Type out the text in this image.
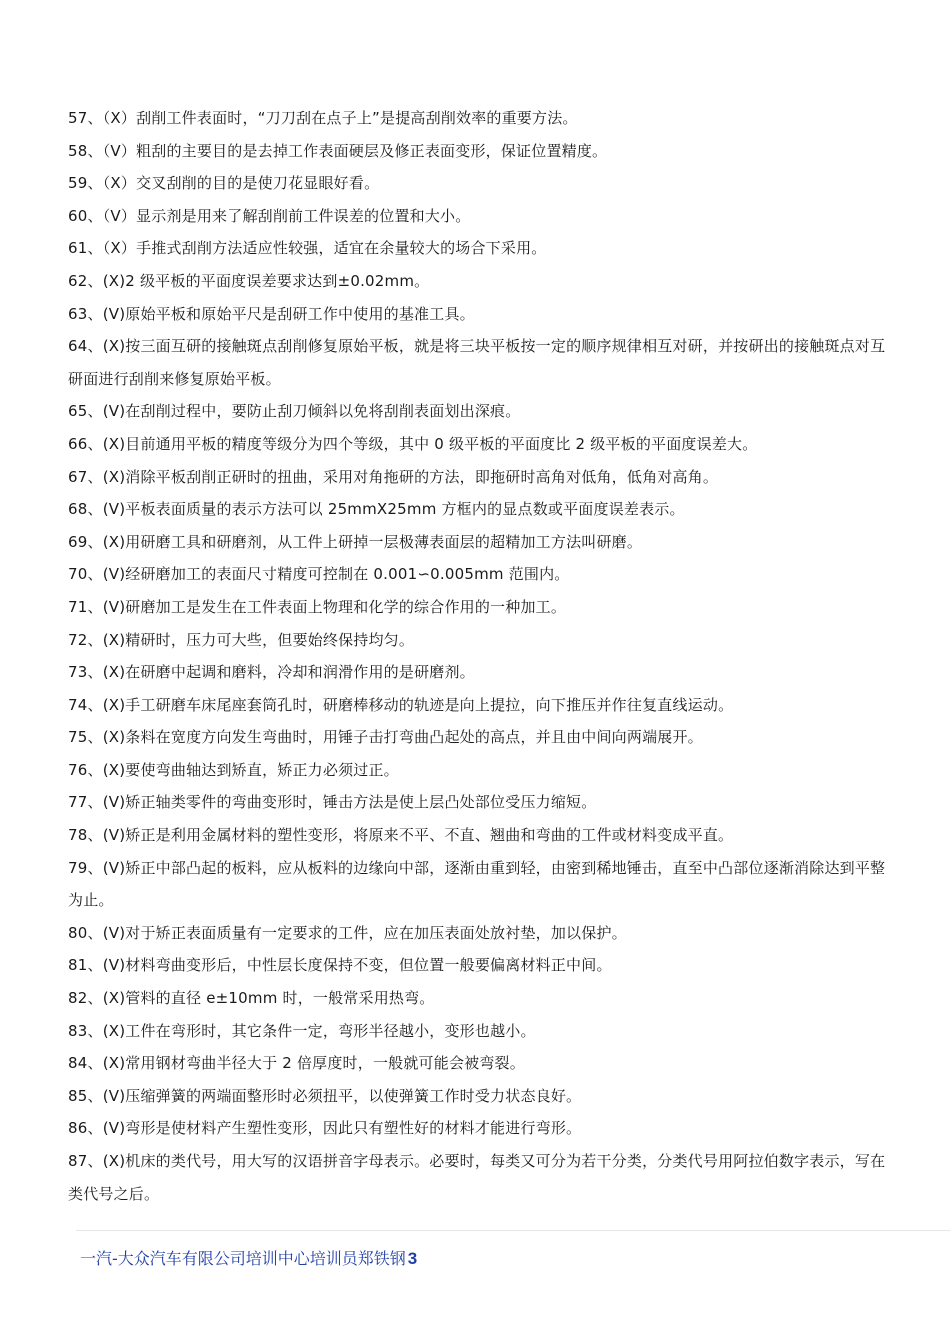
57、（X）刮削工件表面时，“刀刀刮在点子上”是提高刮削效率的重要方法。
58、（V）粗刮的主要目的是去掉工作表面硬层及修正表面变形，保证位置精度。
59、（X）交叉刮削的目的是使刀花显眼好看。
60、（V）显示剂是用来了解刮削前工件误差的位置和大小。
61、（X）手推式刮削方法适应性较强，适宜在余量较大的场合下采用。
62、(X)2 级平板的平面度误差要求达到±0.02mm。
63、(V)原始平板和原始平尺是刮研工作中使用的基准工具。
64、(X)按三面互研的接触斑点刮削修复原始平板，就是将三块平板按一定的顺序规律相互对研，并按研出的接触斑点对互研面进行刮削来修复原始平板。
65、(V)在刮削过程中，要防止刮刀倾斜以免将刮削表面划出深痕。
66、(X)目前通用平板的精度等级分为四个等级，其中 0 级平板的平面度比 2 级平板的平面度误差大。
67、(X)消除平板刮削正研时的扭曲，采用对角拖研的方法，即拖研时高角对低角，低角对高角。
68、(V)平板表面质量的表示方法可以 25mmX25mm 方框内的显点数或平面度误差表示。
69、(X)用研磨工具和研磨剂，从工件上研掉一层极薄表面层的超精加工方法叫研磨。
70、(V)经研磨加工的表面尺寸精度可控制在 0.001∽0.005mm 范围内。
71、(V)研磨加工是发生在工件表面上物理和化学的综合作用的一种加工。
72、(X)精研时，压力可大些，但要始终保持均匀。
73、(X)在研磨中起调和磨料，冷却和润滑作用的是研磨剂。
74、(X)手工研磨车床尾座套筒孔时，研磨棒移动的轨迹是向上提拉，向下推压并作往复直线运动。
75、(X)条料在宽度方向发生弯曲时，用锤子击打弯曲凸起处的高点，并且由中间向两端展开。
76、(X)要使弯曲轴达到矫直，矫正力必须过正。
77、(V)矫正轴类零件的弯曲变形时，锤击方法是使上层凸处部位受压力缩短。
78、(V)矫正是利用金属材料的塑性变形，将原来不平、不直、翘曲和弯曲的工件或材料变成平直。
79、(V)矫正中部凸起的板料，应从板料的边缘向中部，逐渐由重到轻，由密到稀地锤击，直至中凸部位逐渐消除达到平整为止。
80、(V)对于矫正表面质量有一定要求的工件，应在加压表面处放衬垫，加以保护。
81、(V)材料弯曲变形后，中性层长度保持不变，但位置一般要偏离材料正中间。
82、(X)管料的直径 e±10mm 时，一般常采用热弯。
83、(X)工件在弯形时，其它条件一定，弯形半径越小，变形也越小。
84、(X)常用钢材弯曲半径大于 2 倍厚度时，一般就可能会被弯裂。
85、(V)压缩弹簧的两端面整形时必须扭平，以使弹簧工作时受力状态良好。
86、(V)弯形是使材料产生塑性变形，因此只有塑性好的材料才能进行弯形。
87、(X)机床的类代号，用大写的汉语拼音字母表示。必要时，每类又可分为若干分类，分类代号用阿拉伯数字表示，写在类代号之后。
一汽-大众汽车有限公司培训中心培训员郑铁钢 3
